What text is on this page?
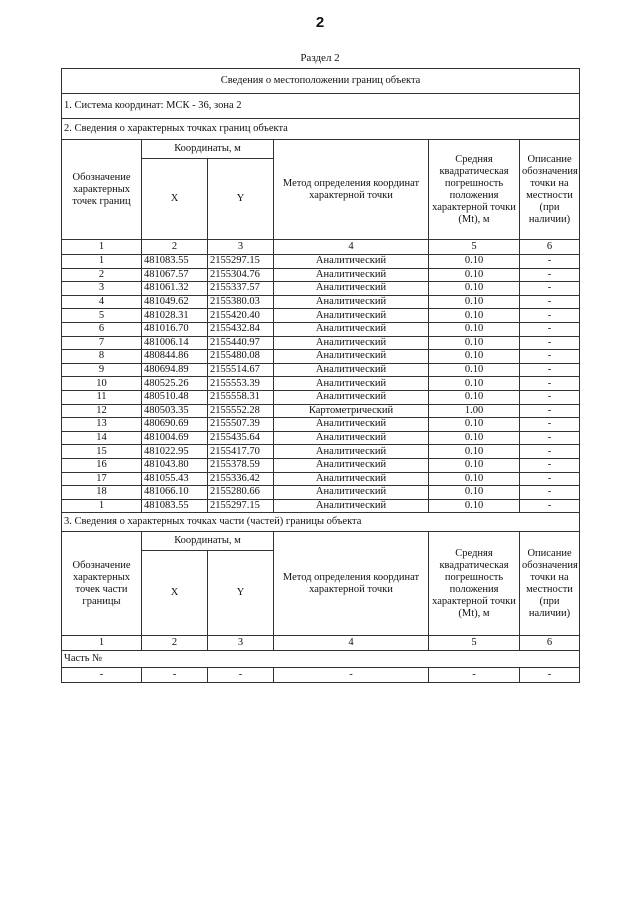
2
Раздел 2
Сведения о местоположении границ объекта					
1. Система координат: МСК - 36, зона 2					
2. Сведения о характерных точках границ объекта					
Обозначение характерных точек границ	Координаты, м		Метод определения координат характерной точки	Средняя квадратическая погрешность положения характерной точки (Mt), м	Описание обозначения точки на местности (при наличии)
	X	Y			
1	2	3	4	5	6
1	481083.55	2155297.15	Аналитический	0.10	-
2	481067.57	2155304.76	Аналитический	0.10	-
3	481061.32	2155337.57	Аналитический	0.10	-
4	481049.62	2155380.03	Аналитический	0.10	-
5	481028.31	2155420.40	Аналитический	0.10	-
6	481016.70	2155432.84	Аналитический	0.10	-
7	481006.14	2155440.97	Аналитический	0.10	-
8	480844.86	2155480.08	Аналитический	0.10	-
9	480694.89	2155514.67	Аналитический	0.10	-
10	480525.26	2155553.39	Аналитический	0.10	-
11	480510.48	2155558.31	Аналитический	0.10	-
12	480503.35	2155552.28	Картометрический	1.00	-
13	480690.69	2155507.39	Аналитический	0.10	-
14	481004.69	2155435.64	Аналитический	0.10	-
15	481022.95	2155417.70	Аналитический	0.10	-
16	481043.80	2155378.59	Аналитический	0.10	-
17	481055.43	2155336.42	Аналитический	0.10	-
18	481066.10	2155280.66	Аналитический	0.10	-
1	481083.55	2155297.15	Аналитический	0.10	-
3. Сведения о характерных точках части (частей) границы объекта					
Обозначение характерных точек части границы	Координаты, м		Метод определения координат характерной точки	Средняя квадратическая погрешность положения характерной точки (Mt), м	Описание обозначения точки на местности (при наличии)
	X	Y			
1	2	3	4	5	6
Часть №					
-	-	-	-	-	-
